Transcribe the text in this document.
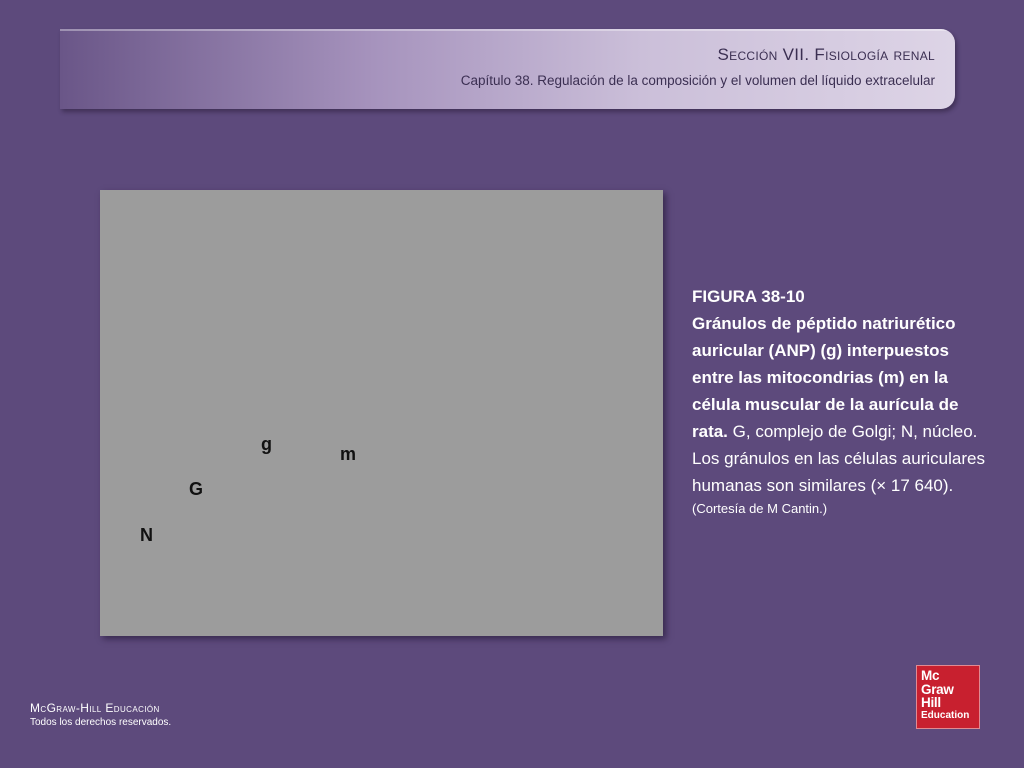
Sección VII. Fisiología renal
Capítulo 38. Regulación de la composición y el volumen del líquido extracelular
g	m
G
N
FIGURA 38-10
Gránulos de péptido natriurético auricular (ANP) (g) interpuestos entre las mitocondrias (m) en la célula muscular de la aurícula de rata. G, complejo de Golgi; N, núcleo. Los gránulos en las células auriculares humanas son similares (× 17 640).
(Cortesía de M Cantin.)
McGraw-Hill Educación
Todos los derechos reservados.
Mc
Graw
Hill
Education
